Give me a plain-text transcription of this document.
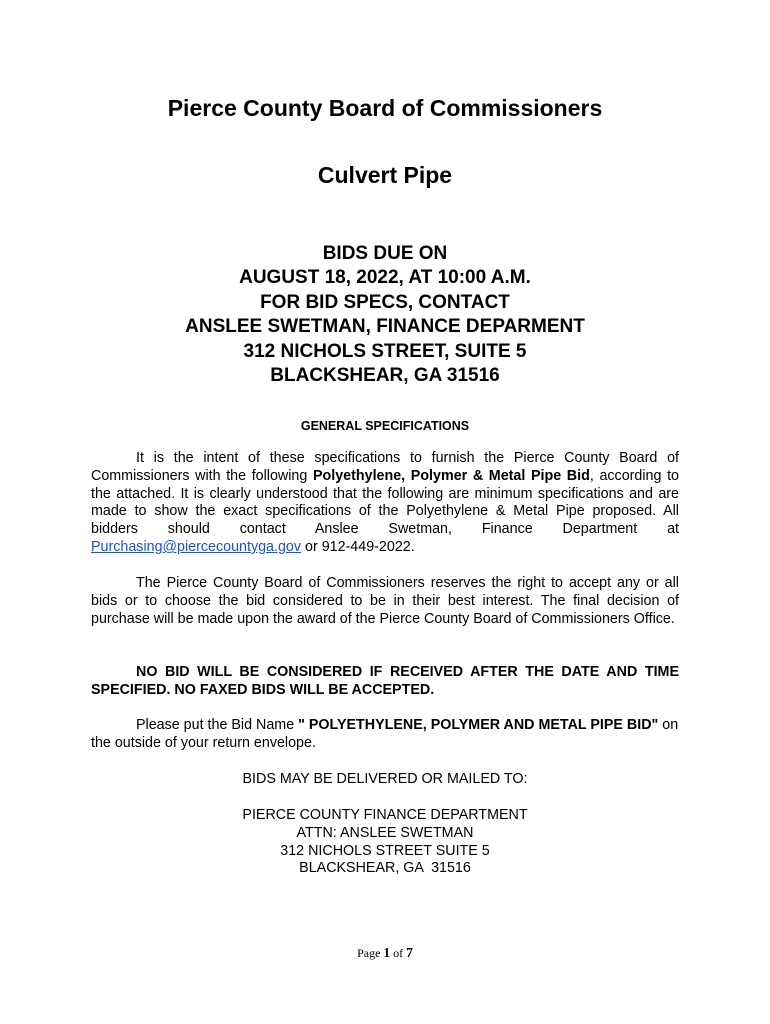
Pierce County Board of Commissioners
Culvert Pipe
BIDS DUE ON
AUGUST 18, 2022, AT 10:00 A.M.
FOR BID SPECS, CONTACT
ANSLEE SWETMAN, FINANCE DEPARMENT
312 NICHOLS STREET, SUITE 5
BLACKSHEAR, GA 31516
GENERAL SPECIFICATIONS
It is the intent of these specifications to furnish the Pierce County Board of Commissioners with the following Polyethylene, Polymer & Metal Pipe Bid, according to the attached. It is clearly understood that the following are minimum specifications and are made to show the exact specifications of the Polyethylene & Metal Pipe proposed. All bidders should contact Anslee Swetman, Finance Department at Purchasing@piercecountyga.gov or 912-449-2022.
The Pierce County Board of Commissioners reserves the right to accept any or all bids or to choose the bid considered to be in their best interest. The final decision of purchase will be made upon the award of the Pierce County Board of Commissioners Office.
NO BID WILL BE CONSIDERED IF RECEIVED AFTER THE DATE AND TIME SPECIFIED. NO FAXED BIDS WILL BE ACCEPTED.
Please put the Bid Name " POLYETHYLENE, POLYMER AND METAL PIPE BID" on the outside of your return envelope.
BIDS MAY BE DELIVERED OR MAILED TO:
PIERCE COUNTY FINANCE DEPARTMENT
ATTN: ANSLEE SWETMAN
312 NICHOLS STREET SUITE 5
BLACKSHEAR, GA  31516
Page 1 of 7
